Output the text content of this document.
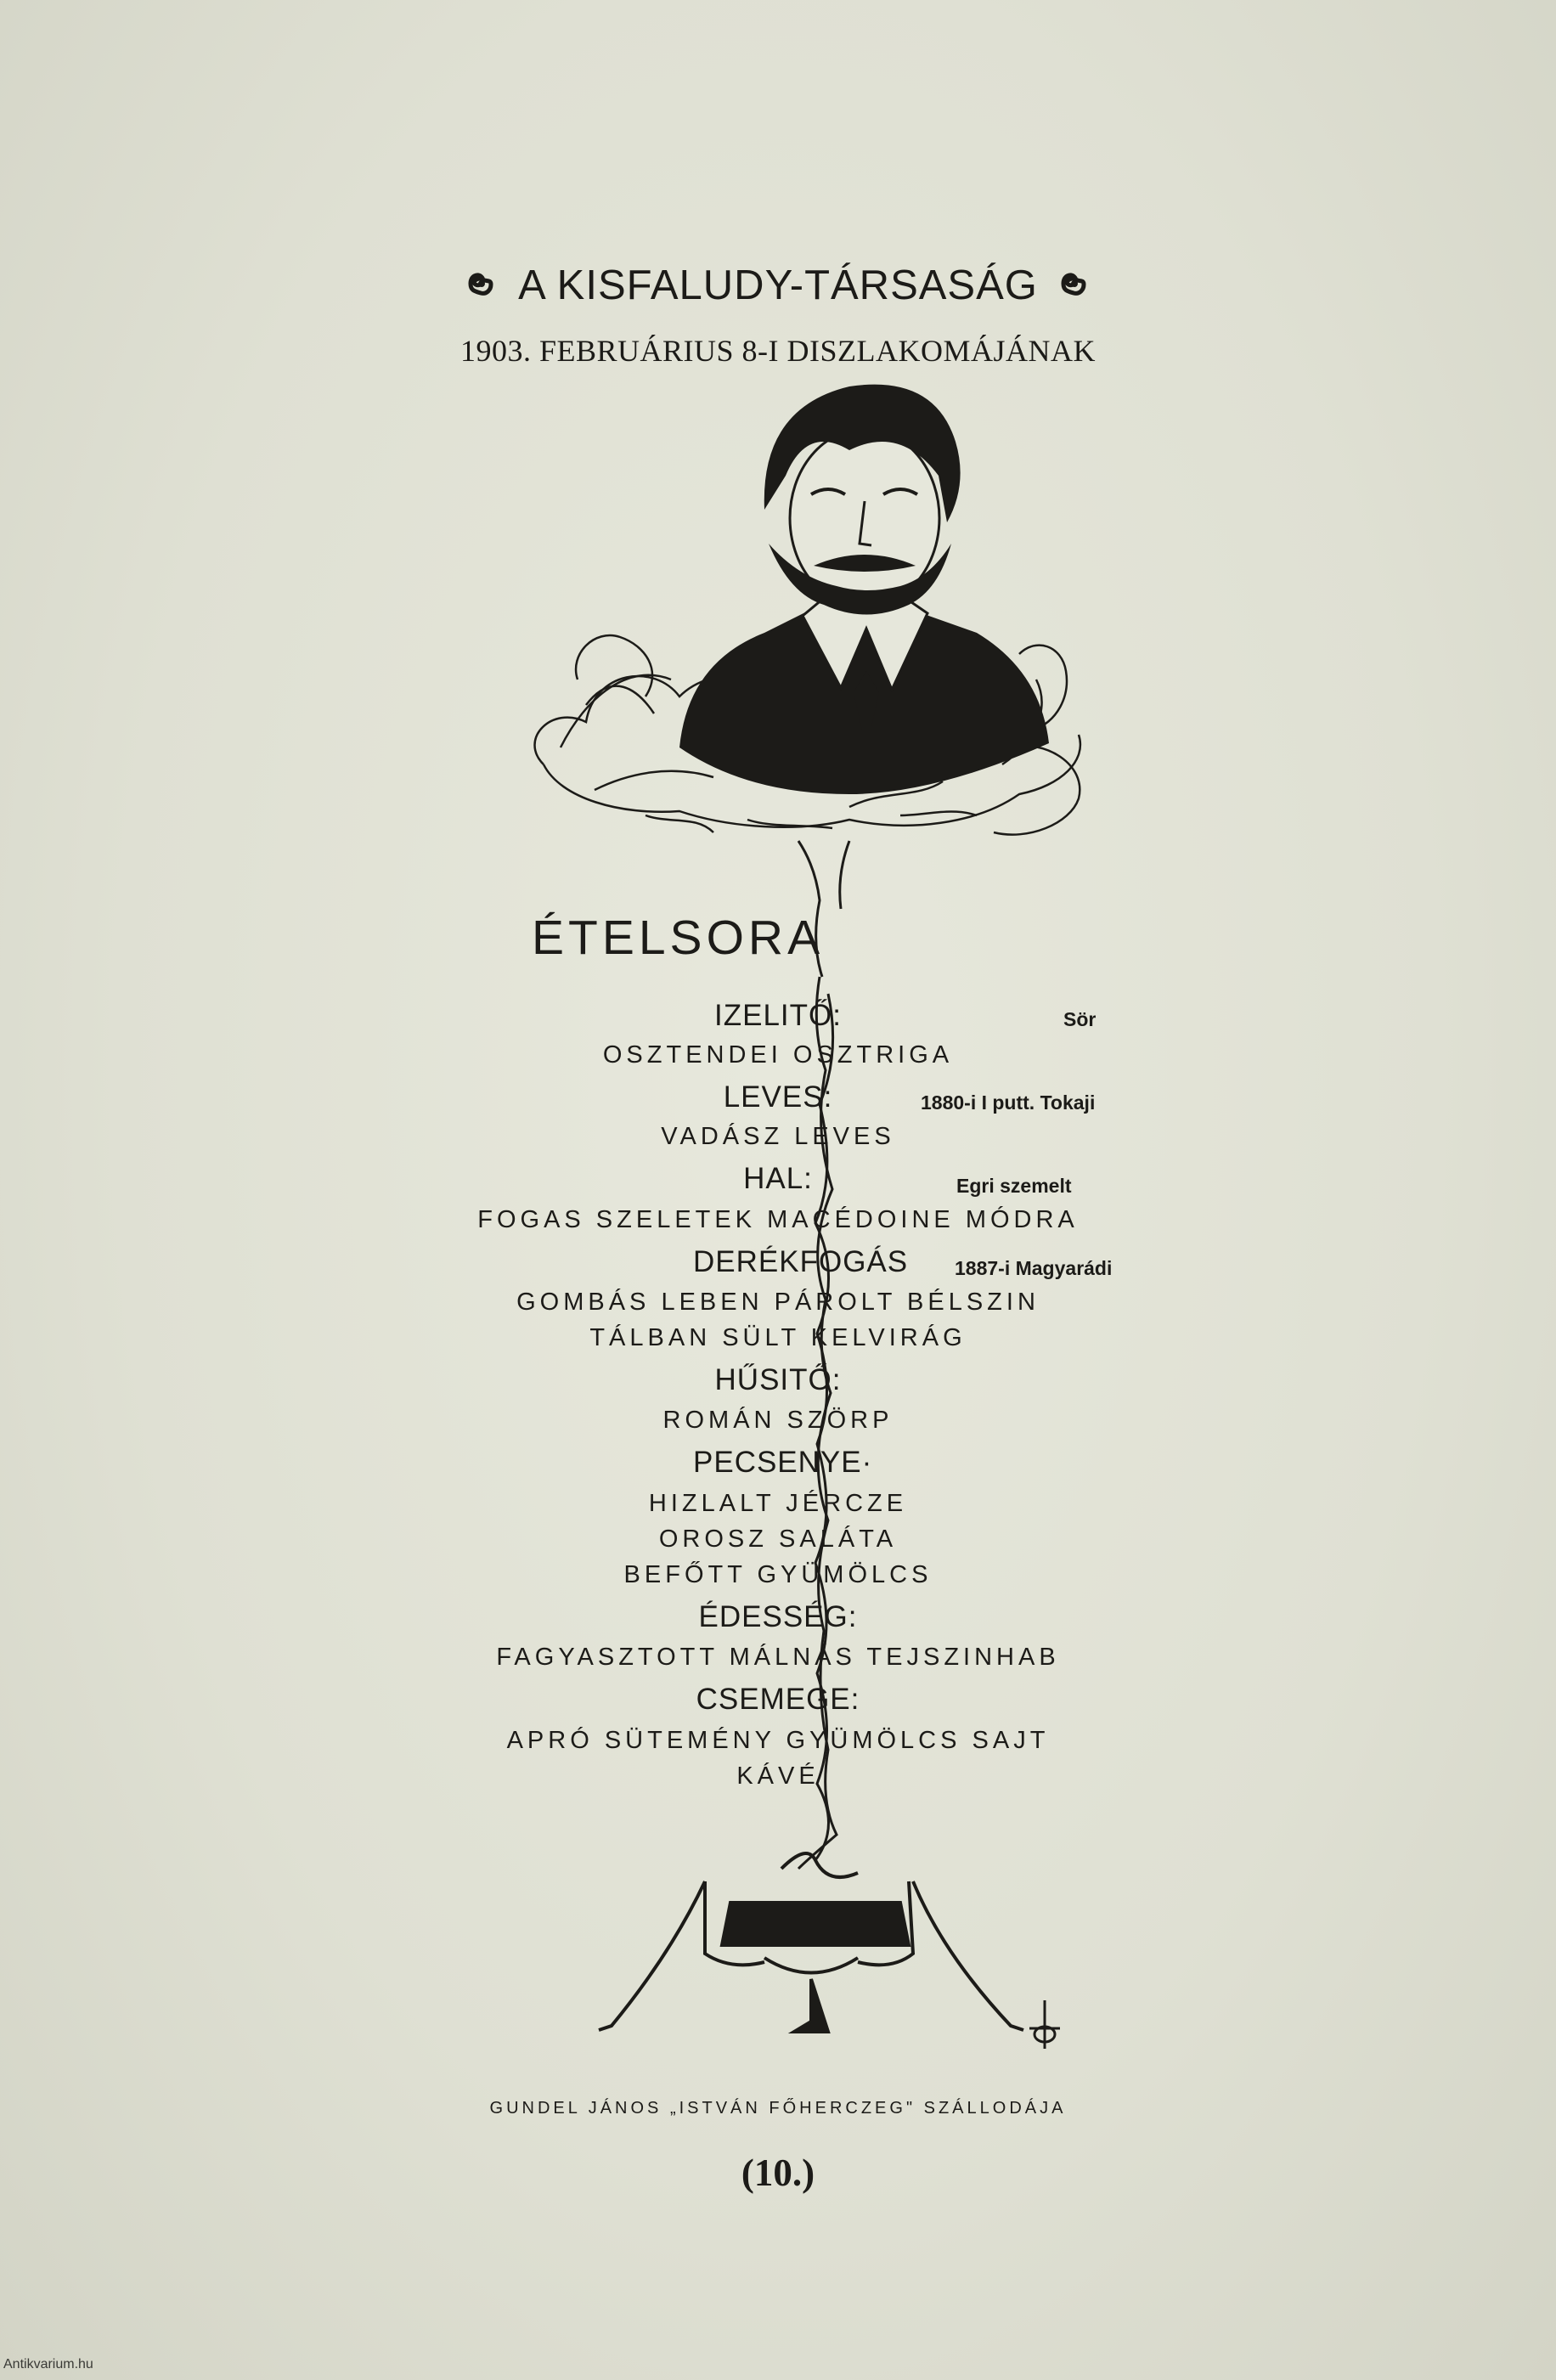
A KISFALUDY-TÁRSASÁG
1903. FEBRUÁRIUS 8-I DISZLAKOMÁJÁNAK
ÉTELSORA
IZELITŐ:	Sör
OSZTENDEI OSZTRIGA
LEVES:	1880-i I putt. Tokaji
VADÁSZ LEVES
HAL:	Egri szemelt
FOGAS SZELETEK MACÉDOINE MÓDRA
DERÉKFOGÁS 1887-i Magyarádi
GOMBÁS LEBEN PÁROLT BÉLSZIN
TÁLBAN SÜLT KELVIRÁG
HŰSITŐ:
ROMÁN SZÖRP
PECSENYE·
HIZLALT JÉRCZE
OROSZ SALÁTA
BEFŐTT GYÜMÖLCS
ÉDESSÉG:
FAGYASZTOTT MÁLNÁS TEJSZINHAB
CSEMEGE:
APRÓ SÜTEMÉNY GYÜMÖLCS SAJT
KÁVÉ
GUNDEL JÁNOS „ISTVÁN FŐHERCZEG" SZÁLLODÁJA
(10.)
Antikvarium.hu
